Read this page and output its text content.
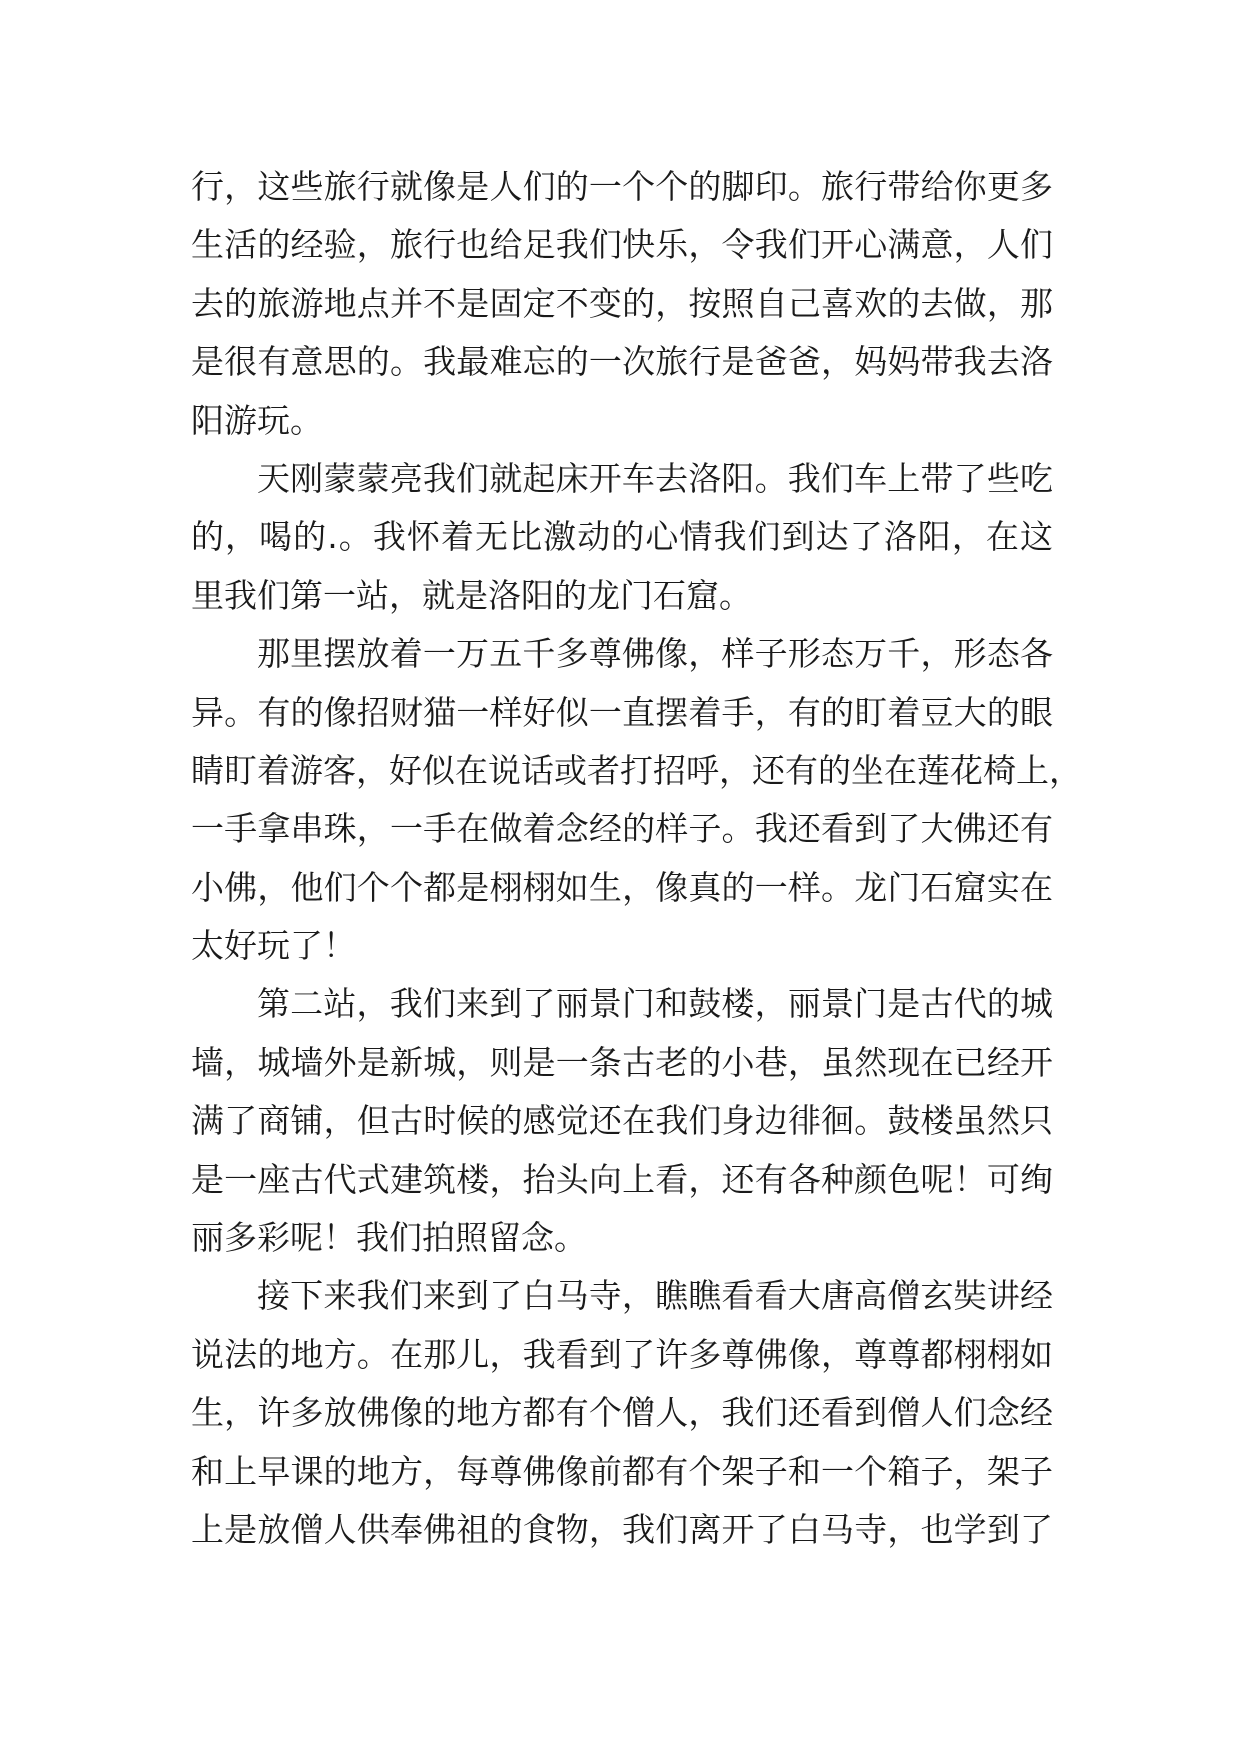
行，这些旅行就像是人们的一个个的脚印。旅行带给你更多
生活的经验，旅行也给足我们快乐，令我们开心满意，人们
去的旅游地点并不是固定不变的，按照自己喜欢的去做，那
是很有意思的。我最难忘的一次旅行是爸爸，妈妈带我去洛
阳游玩。
天刚蒙蒙亮我们就起床开车去洛阳。我们车上带了些吃
的，喝的.。我怀着无比激动的心情我们到达了洛阳，在这
里我们第一站，就是洛阳的龙门石窟。
那里摆放着一万五千多尊佛像，样子形态万千，形态各
异。有的像招财猫一样好似一直摆着手，有的盯着豆大的眼
睛盯着游客，好似在说话或者打招呼，还有的坐在莲花椅上，
一手拿串珠，一手在做着念经的样子。我还看到了大佛还有
小佛，他们个个都是栩栩如生，像真的一样。龙门石窟实在
太好玩了！
第二站，我们来到了丽景门和鼓楼，丽景门是古代的城
墙，城墙外是新城，则是一条古老的小巷，虽然现在已经开
满了商铺，但古时候的感觉还在我们身边徘徊。鼓楼虽然只
是一座古代式建筑楼，抬头向上看，还有各种颜色呢！可绚
丽多彩呢！我们拍照留念。
接下来我们来到了白马寺，瞧瞧看看大唐高僧玄奘讲经
说法的地方。在那儿，我看到了许多尊佛像，尊尊都栩栩如
生，许多放佛像的地方都有个僧人，我们还看到僧人们念经
和上早课的地方，每尊佛像前都有个架子和一个箱子，架子
上是放僧人供奉佛祖的食物，我们离开了白马寺，也学到了
